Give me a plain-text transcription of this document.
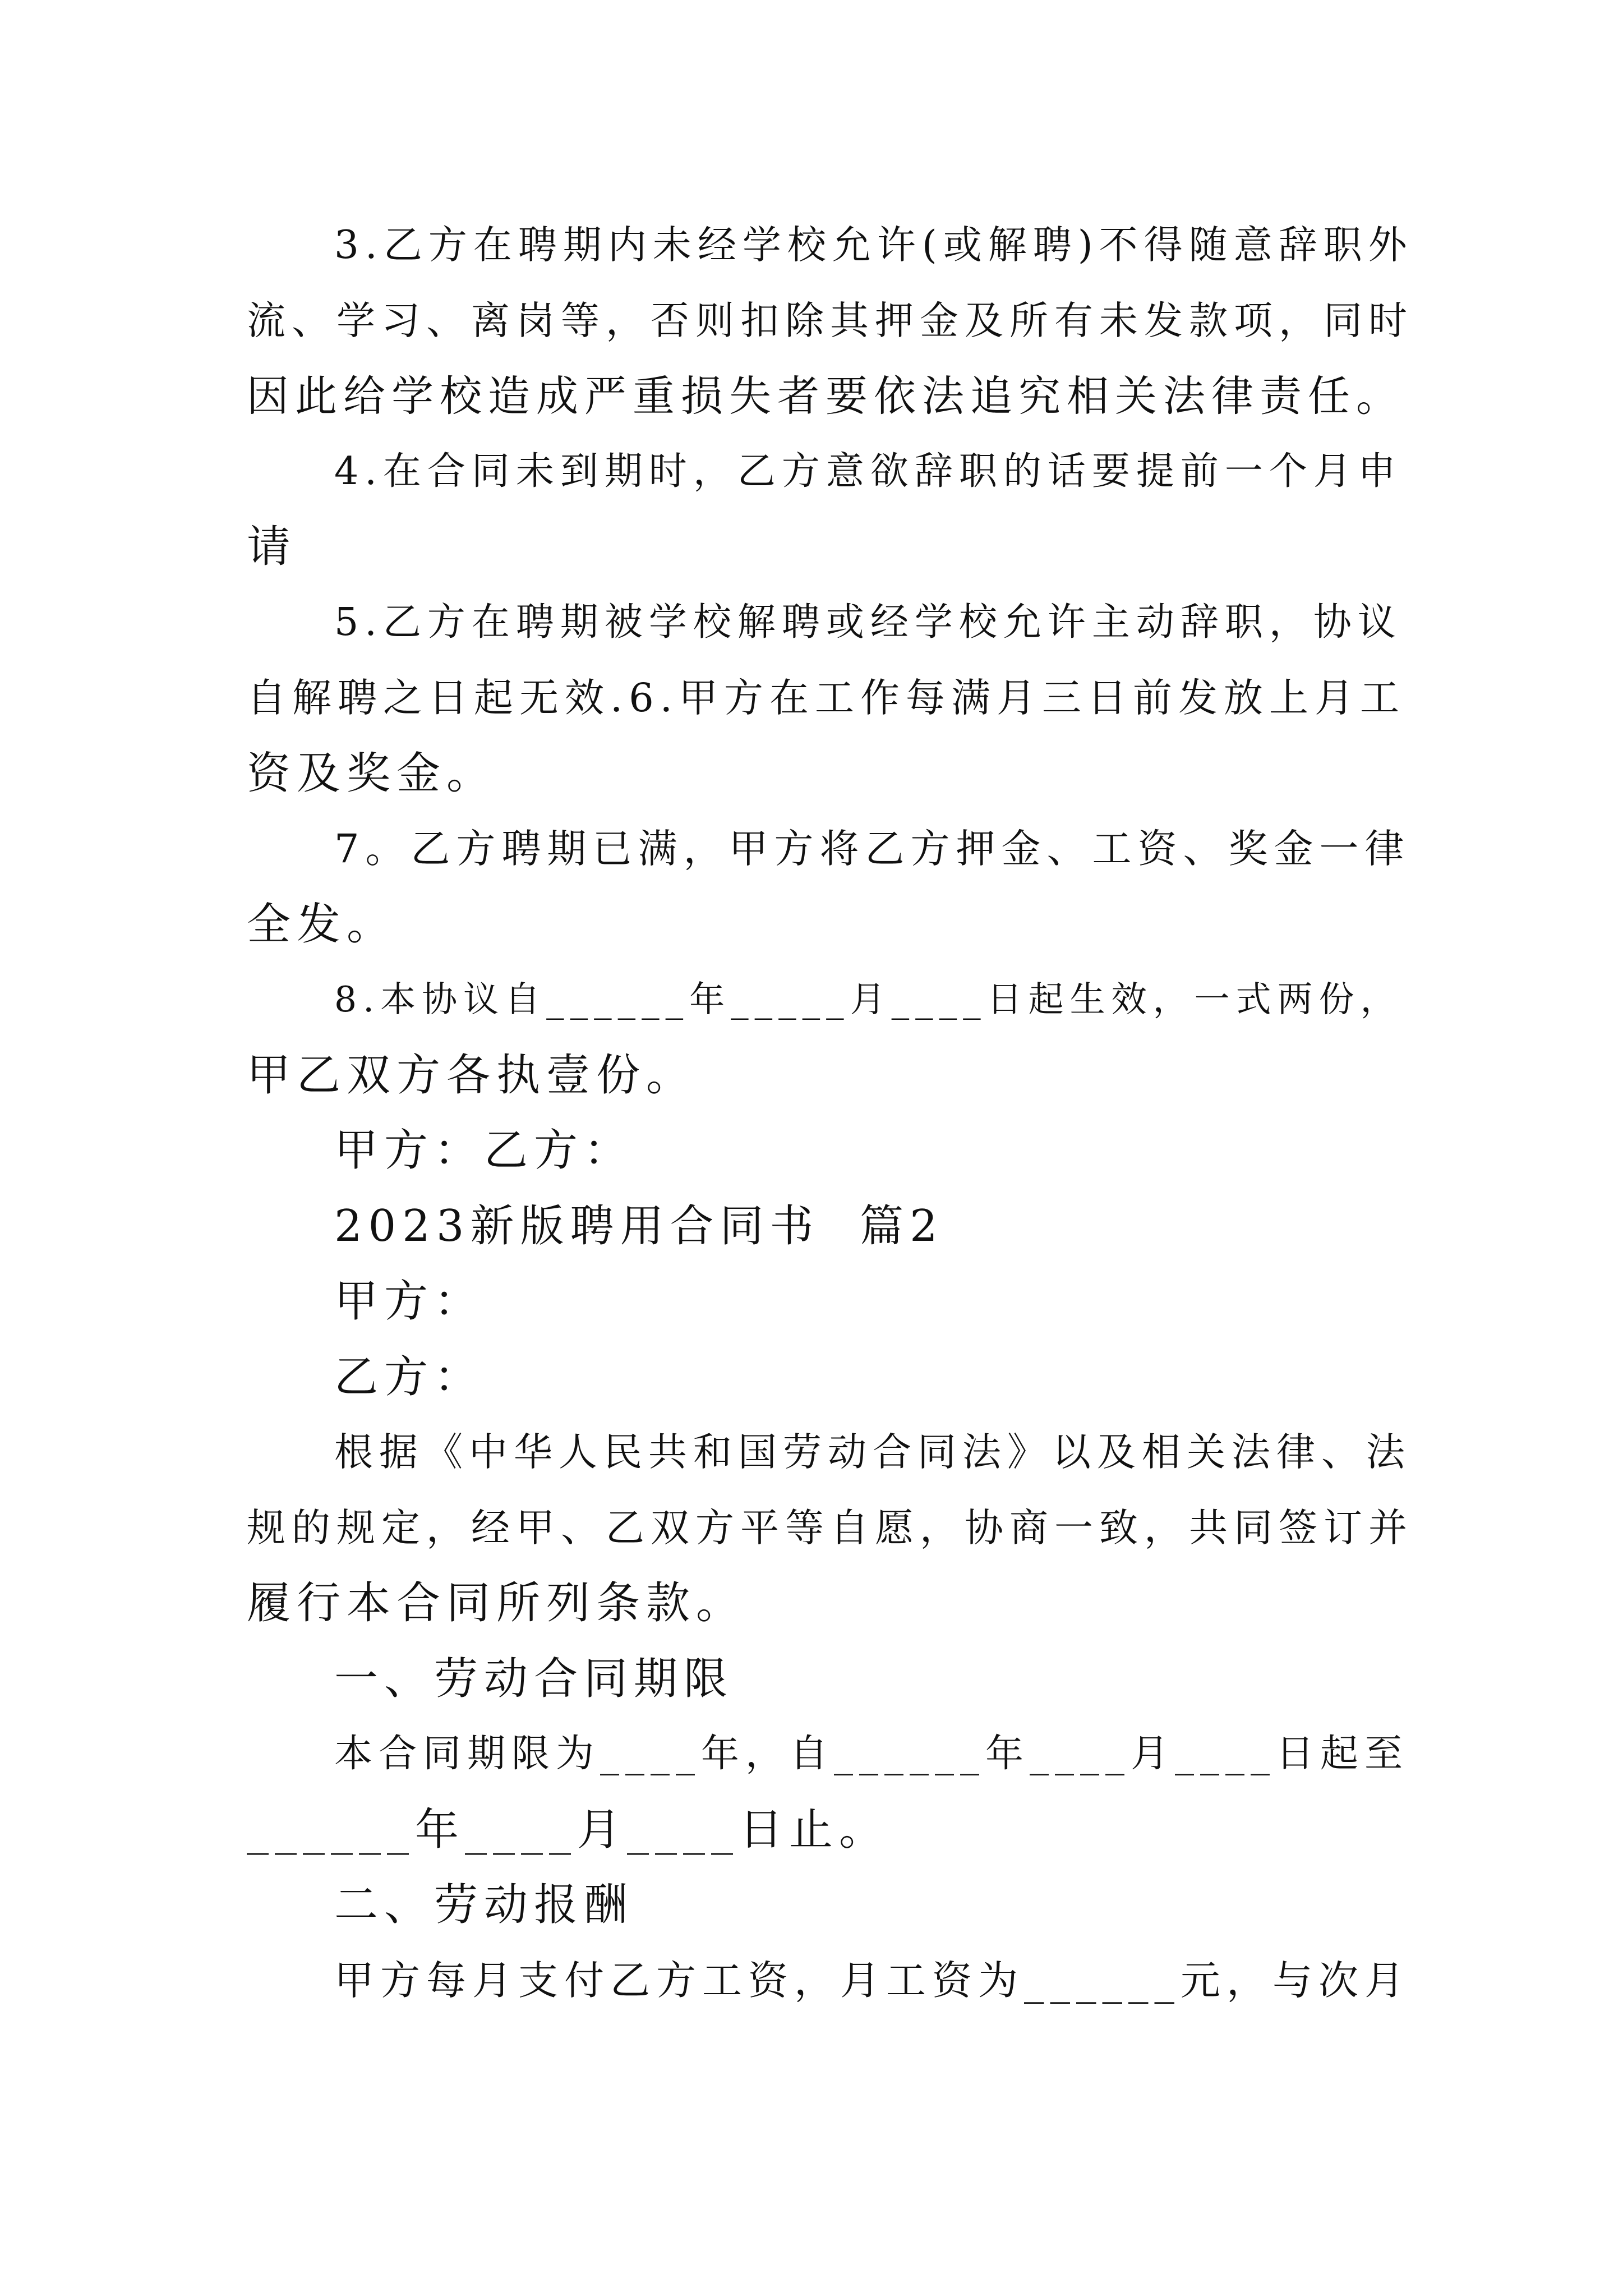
3.乙方在聘期内未经学校允许(或解聘)不得随意辞职外
流、学习、离岗等，否则扣除其押金及所有未发款项，同时
因此给学校造成严重损失者要依法追究相关法律责任。
4.在合同未到期时，乙方意欲辞职的话要提前一个月申
请
5.乙方在聘期被学校解聘或经学校允许主动辞职，协议
自解聘之日起无效.6.甲方在工作每满月三日前发放上月工
资及奖金。
7。乙方聘期已满，甲方将乙方押金、工资、奖金一律
全发。
8.本协议自______年_____月____日起生效，一式两份，
甲乙双方各执壹份。
甲方：乙方：
2023新版聘用合同书  篇2
甲方：
乙方：
根据《中华人民共和国劳动合同法》以及相关法律、法
规的规定，经甲、乙双方平等自愿，协商一致，共同签订并
履行本合同所列条款。
一、劳动合同期限
本合同期限为____年，自______年____月____日起至
______年____月____日止。
二、劳动报酬
甲方每月支付乙方工资，月工资为______元，与次月
